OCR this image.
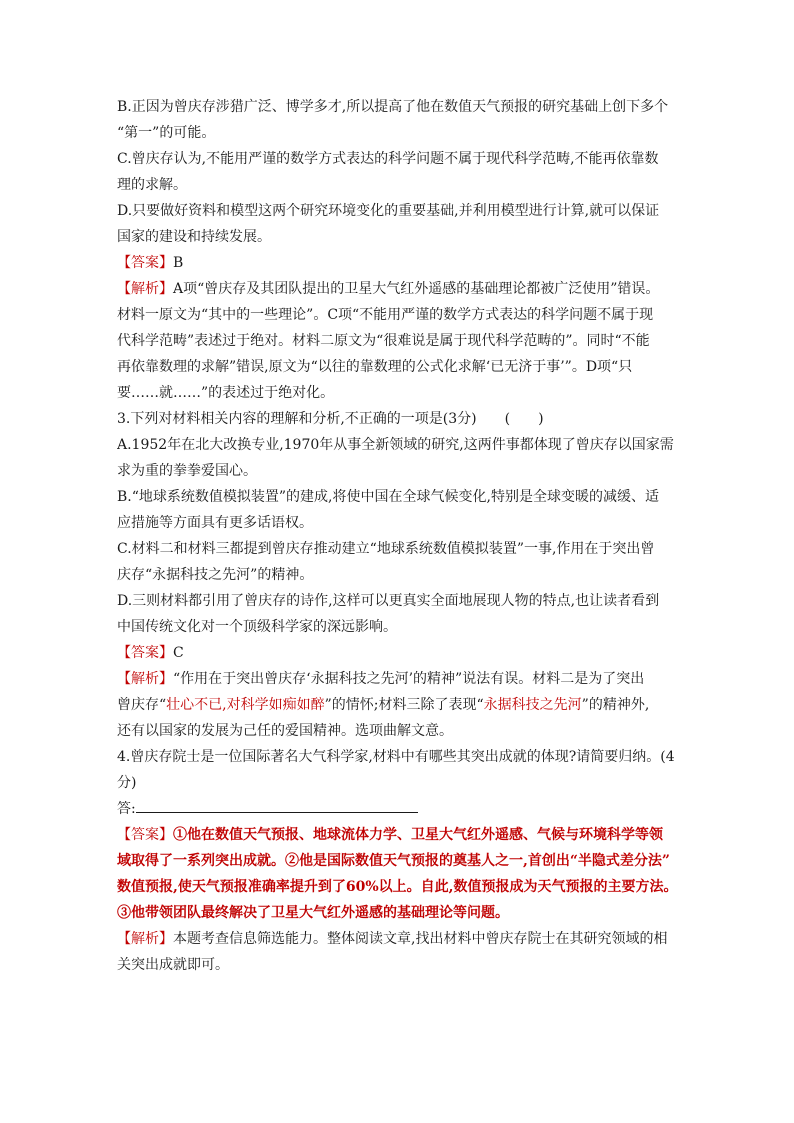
B.正因为曾庆存涉猎广泛、博学多才,所以提高了他在数值天气预报的研究基础上创下多个
“第一”的可能。
C.曾庆存认为,不能用严谨的数学方式表达的科学问题不属于现代科学范畴,不能再依靠数
理的求解。
D.只要做好资料和模型这两个研究环境变化的重要基础,并利用模型进行计算,就可以保证
国家的建设和持续发展。
【答案】B
【解析】A项“曾庆存及其团队提出的卫星大气红外遥感的基础理论都被广泛使用”错误。
材料一原文为“其中的一些理论”。C项“不能用严谨的数学方式表达的科学问题不属于现
代科学范畴”表述过于绝对。材料二原文为“很难说是属于现代科学范畴的”。同时“不能
再依靠数理的求解”错误,原文为“以往的靠数理的公式化求解‘已无济于事’”。D项“只
要……就……”的表述过于绝对化。
3.下列对材料相关内容的理解和分析,不正确的一项是(3分)　　(　　)
A.1952年在北大改换专业,1970年从事全新领域的研究,这两件事都体现了曾庆存以国家需
求为重的拳拳爱国心。
B.“地球系统数值模拟装置”的建成,将使中国在全球气候变化,特别是全球变暖的减缓、适
应措施等方面具有更多话语权。
C.材料二和材料三都提到曾庆存推动建立“地球系统数值模拟装置”一事,作用在于突出曾
庆存“永据科技之先河”的精神。
D.三则材料都引用了曾庆存的诗作,这样可以更真实全面地展现人物的特点,也让读者看到
中国传统文化对一个顶级科学家的深远影响。
【答案】C
【解析】“作用在于突出曾庆存‘永据科技之先河’的精神”说法有误。材料二是为了突出
曾庆存“壮心不已,对科学如痴如醉”的情怀;材料三除了表现“永据科技之先河”的精神外,
还有以国家的发展为己任的爱国精神。选项曲解文意。
4.曾庆存院士是一位国际著名大气科学家,材料中有哪些其突出成就的体现?请简要归纳。(4
分)
答:
【答案】①他在数值天气预报、地球流体力学、卫星大气红外遥感、气候与环境科学等领
域取得了一系列突出成就。②他是国际数值天气预报的奠基人之一,首创出“半隐式差分法”
数值预报,使天气预报准确率提升到了60%以上。自此,数值预报成为天气预报的主要方法。
③他带领团队最终解决了卫星大气红外遥感的基础理论等问题。
【解析】本题考查信息筛选能力。整体阅读文章,找出材料中曾庆存院士在其研究领域的相
关突出成就即可。
